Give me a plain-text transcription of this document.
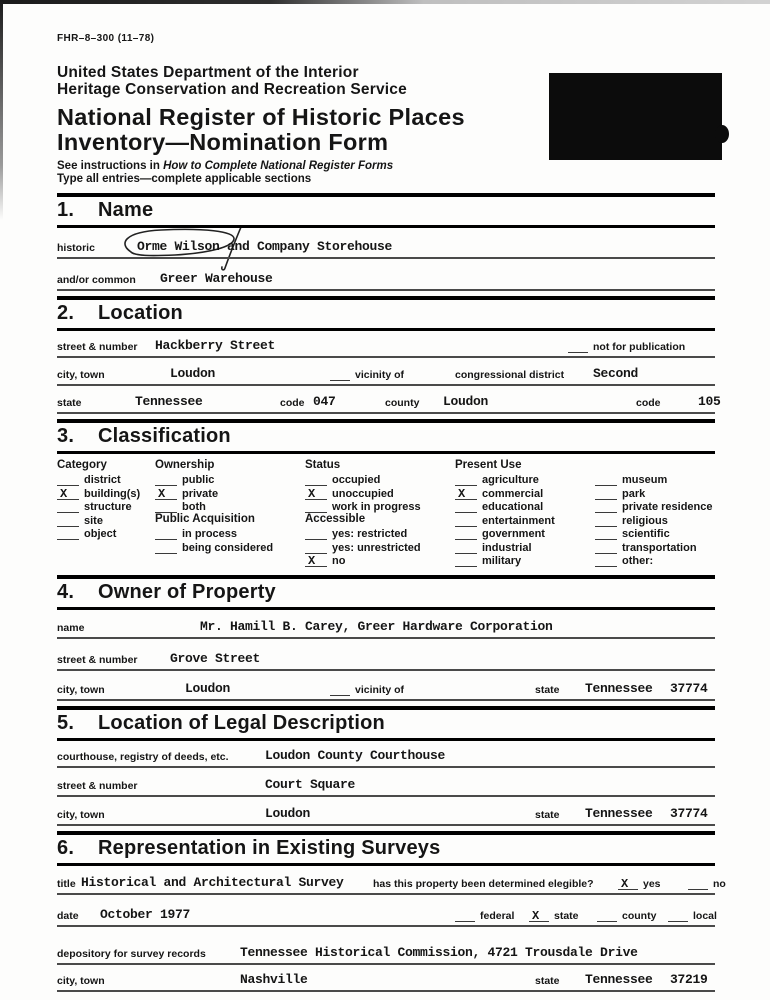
FHR–8–300 (11–78)
United States Department of the Interior
Heritage Conservation and Recreation Service
National Register of Historic Places
Inventory—Nomination Form
See instructions in How to Complete National Register Forms
Type all entries—complete applicable sections
1. Name
historic	Orme Wilson and Company Storehouse
and/or common	Greer Warehouse
2. Location
street & number	Hackberry Street	not for publication
city, town	Loudon	vicinity of	congressional district Second
state	Tennessee	code 047	county Loudon	code	105
3. Classification
Category
district
X building(s)
structure
site
object
Ownership
public
X private
both
Public Acquisition
in process
being considered
Status
occupied
X unoccupied
work in progress
Accessible
yes: restricted
yes: unrestricted
X no
Present Use
agriculture
X commercial
educational
entertainment
government
industrial
military
museum
park
private residence
religious
scientific
transportation
other:
4. Owner of Property
name	Mr. Hamill B. Carey, Greer Hardware Corporation
street & number	Grove Street
city, town	Loudon	vicinity of	state Tennessee 37774
5. Location of Legal Description
courthouse, registry of deeds, etc.	Loudon County Courthouse
street & number	Court Square
city, town	Loudon	state Tennessee 37774
6. Representation in Existing Surveys
title Historical and Architectural Survey	has this property been determined elegible? X yes	no
date	October 1977	federal X state	county	local
depository for survey records	Tennessee Historical Commission, 4721 Trousdale Drive
city, town	Nashville	state Tennessee 37219
